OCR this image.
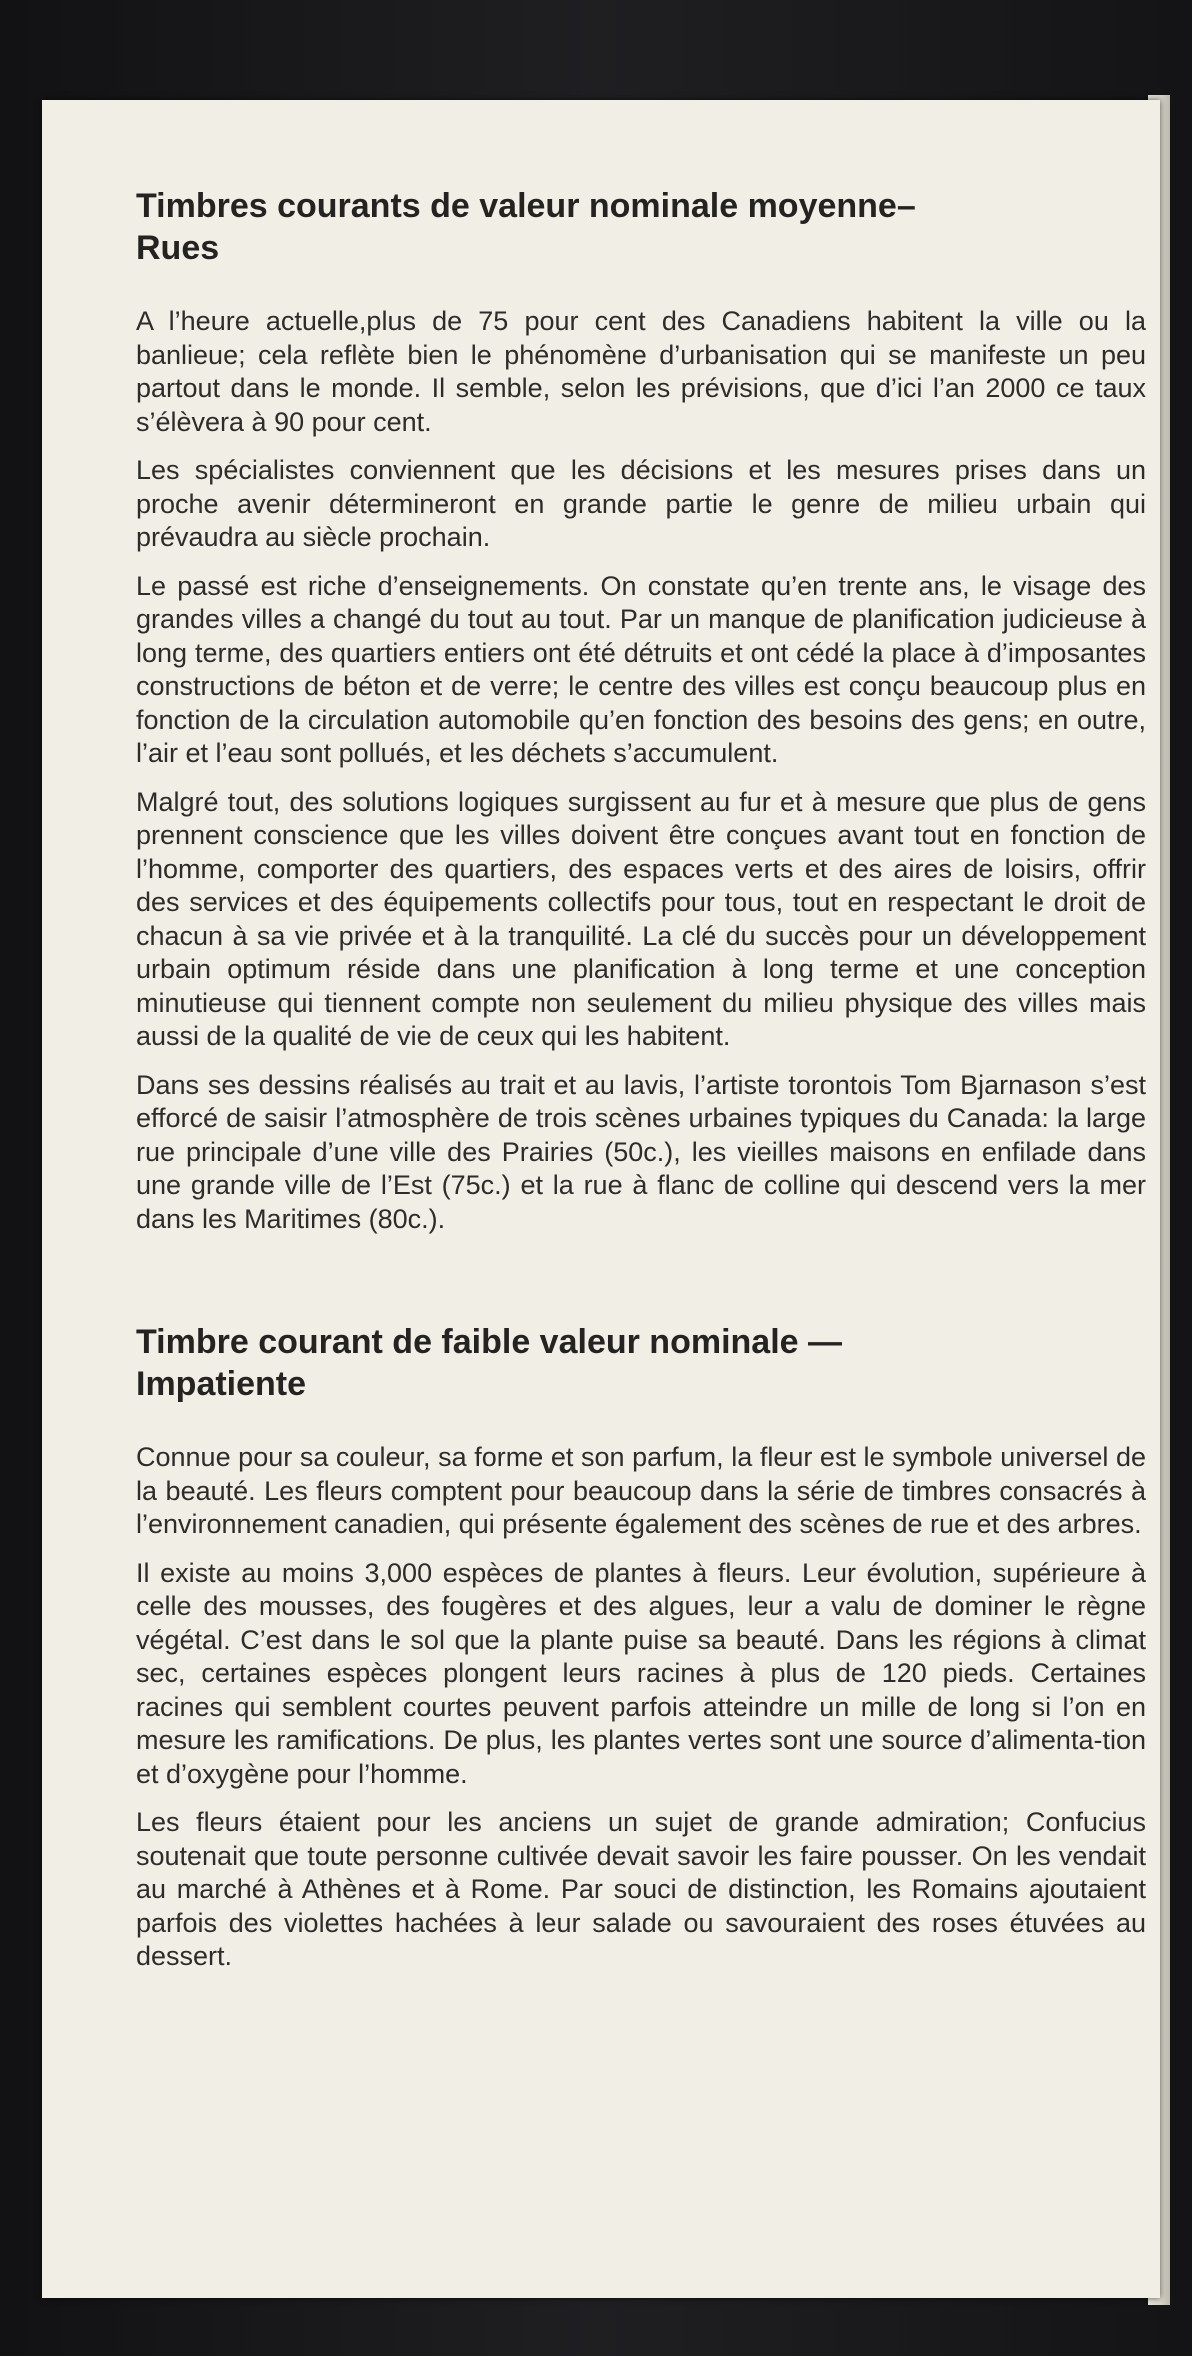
Timbres courants de valeur nominale moyenne–Rues

A l’heure actuelle,plus de 75 pour cent des Canadiens habitent la ville ou la banlieue; cela reflète bien le phénomène d’urbanisation qui se manifeste un peu partout dans le monde. Il semble, selon les prévisions, que d’ici l’an 2000 ce taux s’élèvera à 90 pour cent.

Les spécialistes conviennent que les décisions et les mesures prises dans un proche avenir détermineront en grande partie le genre de milieu urbain qui prévaudra au siècle prochain.

Le passé est riche d’enseignements. On constate qu’en trente ans, le visage des grandes villes a changé du tout au tout. Par un manque de planification judicieuse à long terme, des quartiers entiers ont été détruits et ont cédé la place à d’imposantes constructions de béton et de verre; le centre des villes est conçu beaucoup plus en fonction de la circulation automobile qu’en fonction des besoins des gens; en outre, l’air et l’eau sont pollués, et les déchets s’accumulent.

Malgré tout, des solutions logiques surgissent au fur et à mesure que plus de gens prennent conscience que les villes doivent être conçues avant tout en fonction de l’homme, comporter des quartiers, des espaces verts et des aires de loisirs, offrir des services et des équipements collectifs pour tous, tout en respectant le droit de chacun à sa vie privée et à la tranquilité. La clé du succès pour un développement urbain optimum réside dans une planification à long terme et une conception minutieuse qui tiennent compte non seulement du milieu physique des villes mais aussi de la qualité de vie de ceux qui les habitent.

Dans ses dessins réalisés au trait et au lavis, l’artiste torontois Tom Bjarnason s’est efforcé de saisir l’atmosphère de trois scènes urbaines typiques du Canada: la large rue principale d’une ville des Prairies (50c.), les vieilles maisons en enfilade dans une grande ville de l’Est (75c.) et la rue à flanc de colline qui descend vers la mer dans les Maritimes (80c.).

Timbre courant de faible valeur nominale — Impatiente

Connue pour sa couleur, sa forme et son parfum, la fleur est le symbole universel de la beauté. Les fleurs comptent pour beaucoup dans la série de timbres consacrés à l’environnement canadien, qui présente également des scènes de rue et des arbres.

Il existe au moins 3,000 espèces de plantes à fleurs. Leur évolution, supérieure à celle des mousses, des fougères et des algues, leur a valu de dominer le règne végétal. C’est dans le sol que la plante puise sa beauté. Dans les régions à climat sec, certaines espèces plongent leurs racines à plus de 120 pieds. Certaines racines qui semblent courtes peuvent parfois atteindre un mille de long si l’on en mesure les ramifications. De plus, les plantes vertes sont une source d’alimenta-tion et d’oxygène pour l’homme.

Les fleurs étaient pour les anciens un sujet de grande admiration; Confucius soutenait que toute personne cultivée devait savoir les faire pousser. On les vendait au marché à Athènes et à Rome. Par souci de distinction, les Romains ajoutaient parfois des violettes hachées à leur salade ou savouraient des roses étuvées au dessert.
